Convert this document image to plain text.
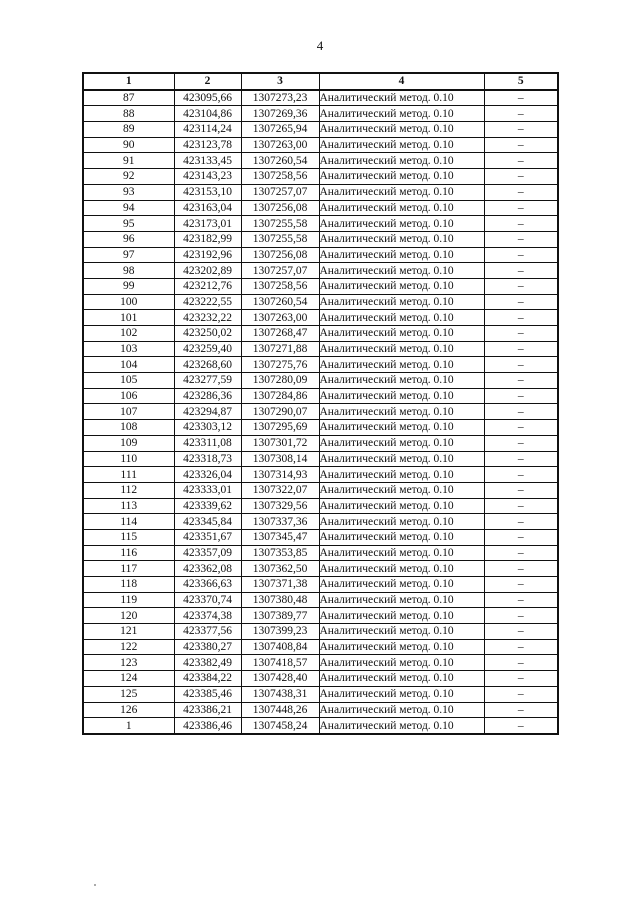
4
1	2	3	4	5
87	423095,66	1307273,23	Аналитический метод. 0.10	–
88	423104,86	1307269,36	Аналитический метод. 0.10	–
89	423114,24	1307265,94	Аналитический метод. 0.10	–
90	423123,78	1307263,00	Аналитический метод. 0.10	–
91	423133,45	1307260,54	Аналитический метод. 0.10	–
92	423143,23	1307258,56	Аналитический метод. 0.10	–
93	423153,10	1307257,07	Аналитический метод. 0.10	–
94	423163,04	1307256,08	Аналитический метод. 0.10	–
95	423173,01	1307255,58	Аналитический метод. 0.10	–
96	423182,99	1307255,58	Аналитический метод. 0.10	–
97	423192,96	1307256,08	Аналитический метод. 0.10	–
98	423202,89	1307257,07	Аналитический метод. 0.10	–
99	423212,76	1307258,56	Аналитический метод. 0.10	–
100	423222,55	1307260,54	Аналитический метод. 0.10	–
101	423232,22	1307263,00	Аналитический метод. 0.10	–
102	423250,02	1307268,47	Аналитический метод. 0.10	–
103	423259,40	1307271,88	Аналитический метод. 0.10	–
104	423268,60	1307275,76	Аналитический метод. 0.10	–
105	423277,59	1307280,09	Аналитический метод. 0.10	–
106	423286,36	1307284,86	Аналитический метод. 0.10	–
107	423294,87	1307290,07	Аналитический метод. 0.10	–
108	423303,12	1307295,69	Аналитический метод. 0.10	–
109	423311,08	1307301,72	Аналитический метод. 0.10	–
110	423318,73	1307308,14	Аналитический метод. 0.10	–
111	423326,04	1307314,93	Аналитический метод. 0.10	–
112	423333,01	1307322,07	Аналитический метод. 0.10	–
113	423339,62	1307329,56	Аналитический метод. 0.10	–
114	423345,84	1307337,36	Аналитический метод. 0.10	–
115	423351,67	1307345,47	Аналитический метод. 0.10	–
116	423357,09	1307353,85	Аналитический метод. 0.10	–
117	423362,08	1307362,50	Аналитический метод. 0.10	–
118	423366,63	1307371,38	Аналитический метод. 0.10	–
119	423370,74	1307380,48	Аналитический метод. 0.10	–
120	423374,38	1307389,77	Аналитический метод. 0.10	–
121	423377,56	1307399,23	Аналитический метод. 0.10	–
122	423380,27	1307408,84	Аналитический метод. 0.10	–
123	423382,49	1307418,57	Аналитический метод. 0.10	–
124	423384,22	1307428,40	Аналитический метод. 0.10	–
125	423385,46	1307438,31	Аналитический метод. 0.10	–
126	423386,21	1307448,26	Аналитический метод. 0.10	–
1	423386,46	1307458,24	Аналитический метод. 0.10	–
